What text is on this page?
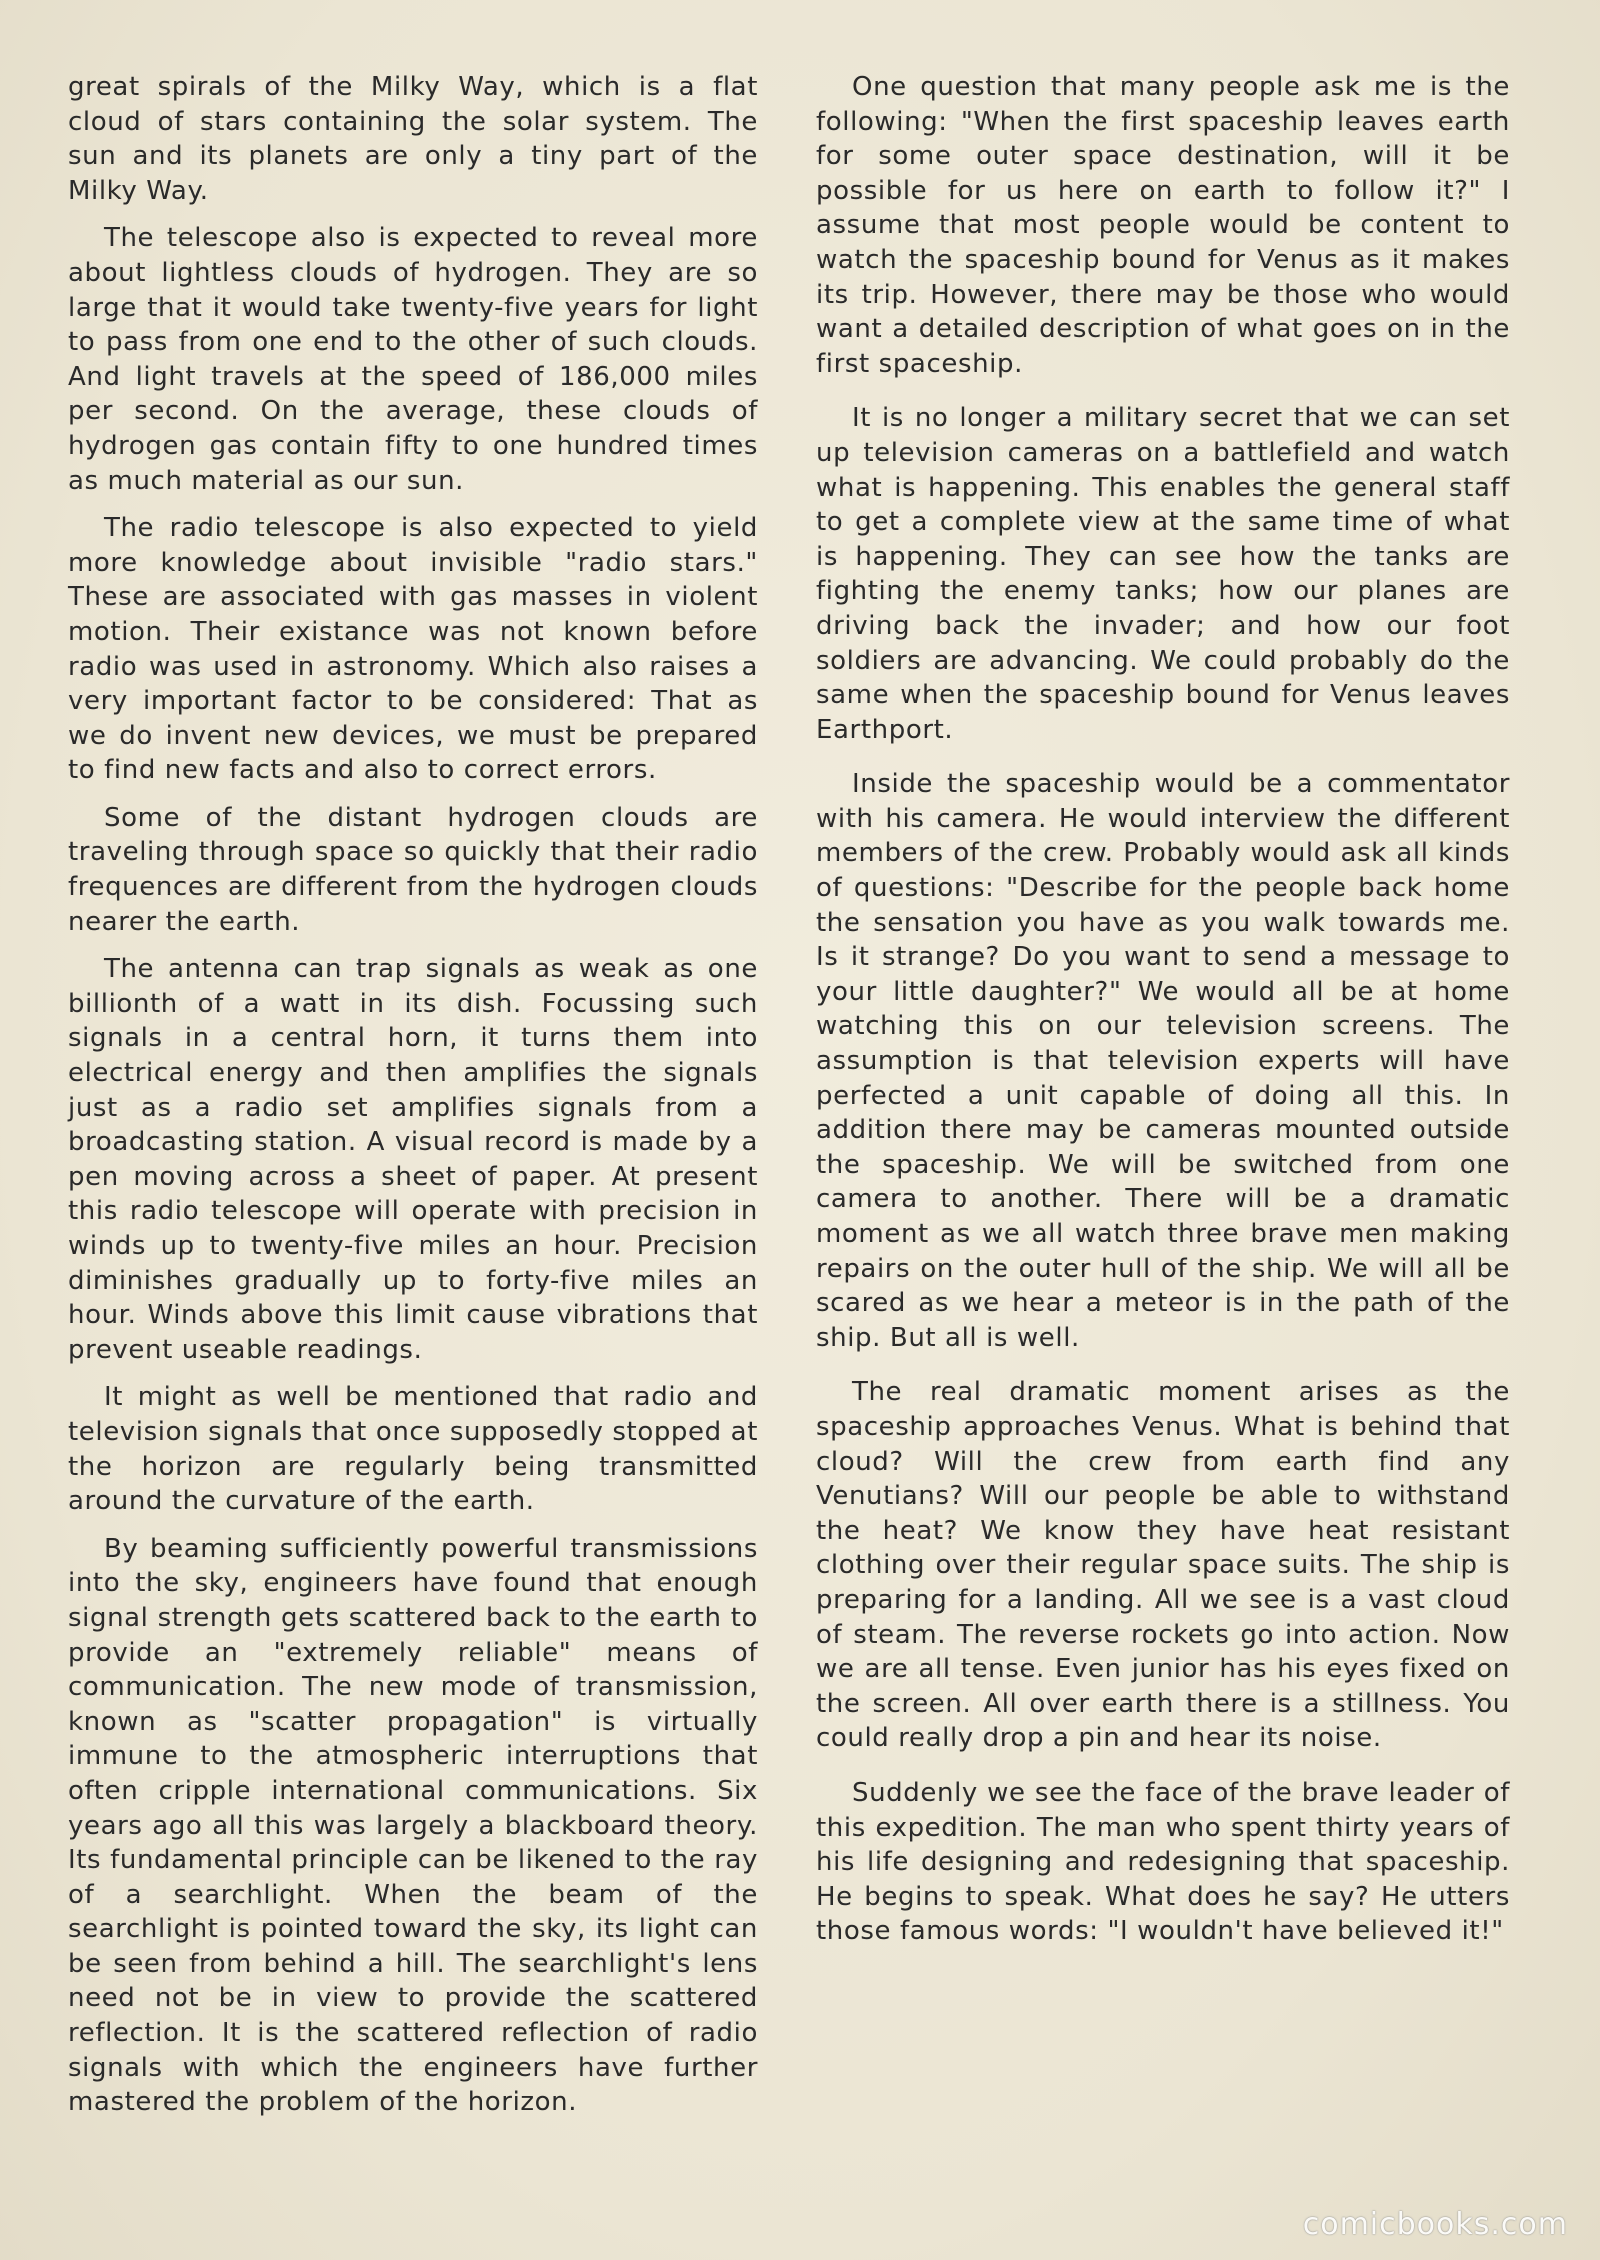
great spirals of the Milky Way, which is a flat cloud of stars containing the solar system. The sun and its planets are only a tiny part of the Milky Way.

The telescope also is expected to reveal more about lightless clouds of hydrogen. They are so large that it would take twenty-five years for light to pass from one end to the other of such clouds. And light travels at the speed of 186,000 miles per second. On the average, these clouds of hydrogen gas contain fifty to one hundred times as much material as our sun.

The radio telescope is also expected to yield more knowledge about invisible "radio stars." These are associated with gas masses in violent motion. Their existance was not known before radio was used in astronomy. Which also raises a very important factor to be considered: That as we do invent new devices, we must be prepared to find new facts and also to correct errors.

Some of the distant hydrogen clouds are traveling through space so quickly that their radio frequences are different from the hydrogen clouds nearer the earth.

The antenna can trap signals as weak as one billionth of a watt in its dish. Focussing such signals in a central horn, it turns them into electrical energy and then amplifies the signals just as a radio set amplifies signals from a broadcasting station. A visual record is made by a pen moving across a sheet of paper. At present this radio telescope will operate with precision in winds up to twenty-five miles an hour. Precision diminishes gradually up to forty-five miles an hour. Winds above this limit cause vibrations that prevent useable readings.

It might as well be mentioned that radio and television signals that once supposedly stopped at the horizon are regularly being transmitted around the curvature of the earth.

By beaming sufficiently powerful transmissions into the sky, engineers have found that enough signal strength gets scattered back to the earth to provide an "extremely reliable" means of communication. The new mode of transmission, known as "scatter propagation" is virtually immune to the atmospheric interruptions that often cripple international communications. Six years ago all this was largely a blackboard theory. Its fundamental principle can be likened to the ray of a searchlight. When the beam of the searchlight is pointed toward the sky, its light can be seen from behind a hill. The searchlight's lens need not be in view to provide the scattered reflection. It is the scattered reflection of radio signals with which the engineers have further mastered the problem of the horizon.

One question that many people ask me is the following: "When the first spaceship leaves earth for some outer space destination, will it be possible for us here on earth to follow it?" I assume that most people would be content to watch the spaceship bound for Venus as it makes its trip. However, there may be those who would want a detailed description of what goes on in the first spaceship.

It is no longer a military secret that we can set up television cameras on a battlefield and watch what is happening. This enables the general staff to get a complete view at the same time of what is happening. They can see how the tanks are fighting the enemy tanks; how our planes are driving back the invader; and how our foot soldiers are advancing. We could probably do the same when the spaceship bound for Venus leaves Earthport.

Inside the spaceship would be a commentator with his camera. He would interview the different members of the crew. Probably would ask all kinds of questions: "Describe for the people back home the sensation you have as you walk towards me. Is it strange? Do you want to send a message to your little daughter?" We would all be at home watching this on our television screens. The assumption is that television experts will have perfected a unit capable of doing all this. In addition there may be cameras mounted outside the spaceship. We will be switched from one camera to another. There will be a dramatic moment as we all watch three brave men making repairs on the outer hull of the ship. We will all be scared as we hear a meteor is in the path of the ship. But all is well.

The real dramatic moment arises as the spaceship approaches Venus. What is behind that cloud? Will the crew from earth find any Venutians? Will our people be able to withstand the heat? We know they have heat resistant clothing over their regular space suits. The ship is preparing for a landing. All we see is a vast cloud of steam. The reverse rockets go into action. Now we are all tense. Even junior has his eyes fixed on the screen. All over earth there is a stillness. You could really drop a pin and hear its noise.

Suddenly we see the face of the brave leader of this expedition. The man who spent thirty years of his life designing and redesigning that spaceship. He begins to speak. What does he say? He utters those famous words: "I wouldn't have believed it!"

comicbooks.com
